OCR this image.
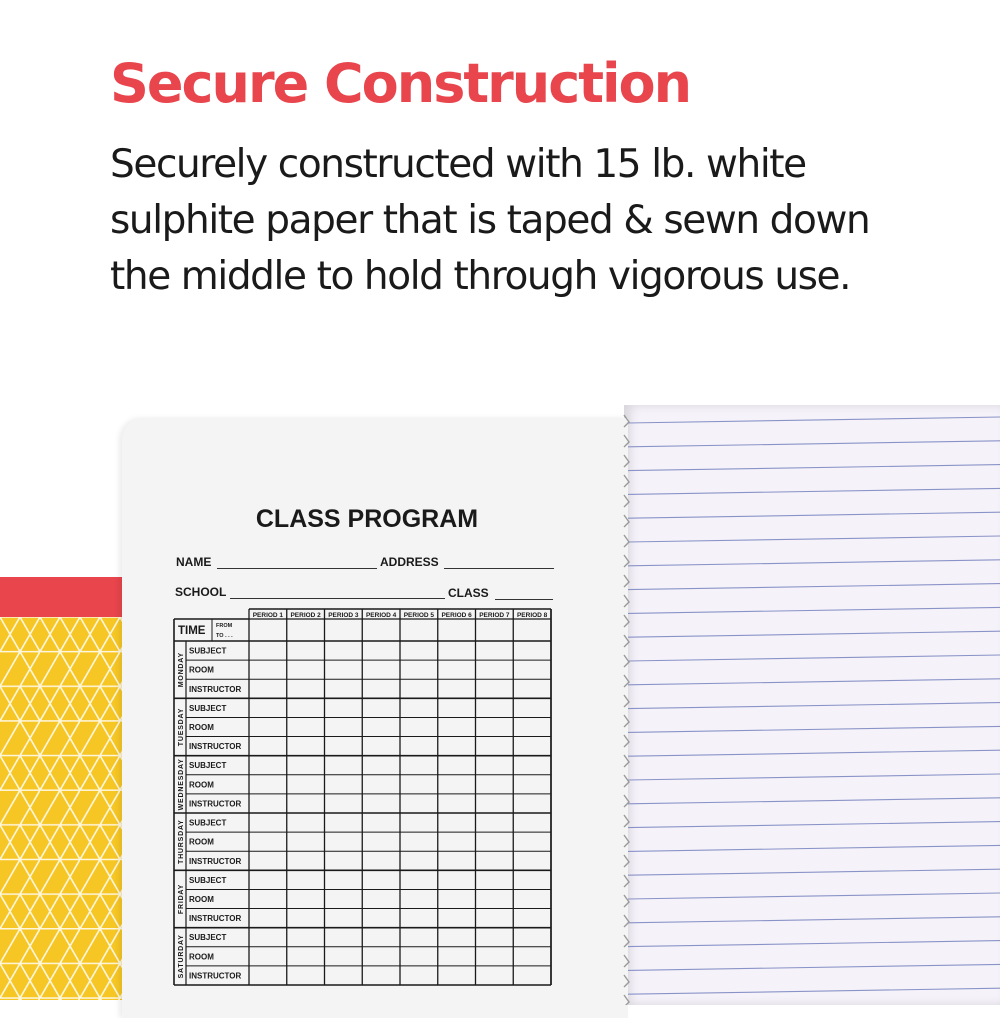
Secure Construction

Securely constructed with 15 lb. white sulphite paper that is taped & sewn down the middle to hold through vigorous use.

CLASS PROGRAM
NAME	ADDRESS
SCHOOL	CLASS
PERIOD 1 PERIOD 2 PERIOD 3 PERIOD 4 PERIOD 5 PERIOD 6 PERIOD 7 PERIOD 8
TIME FROM
TO . . .
MONDAY
SUBJECT
ROOM
INSTRUCTOR
TUESDAY SUBJECT
ROOM
INSTRUCTOR
WEDNESDAY SUBJECT
ROOM
INSTRUCTOR
THURSDAY SUBJECT
ROOM
INSTRUCTOR
FRIDAY
SUBJECT
ROOM
INSTRUCTOR
SATURDAY SUBJECT
ROOM
INSTRUCTOR
